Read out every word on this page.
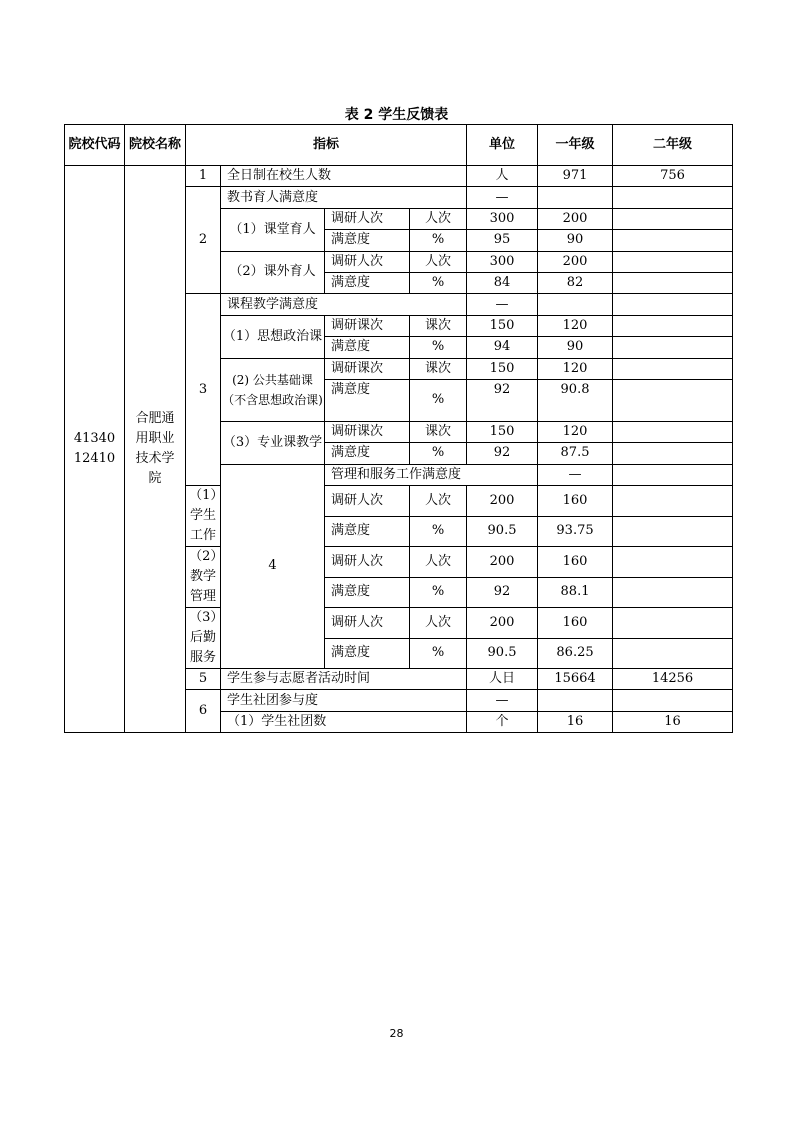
表 2 学生反馈表
院校代码	院校名称	指标				单位	一年级	二年级	
4134012410	合肥通用职业技术学院	1	全日制在校生人数			人	971	756	
		2	教书育人满意度			—			
			（1）课堂育人	调研人次	人次	300	200		
				满意度	%	95	90		
			（2）课外育人	调研人次	人次	300	200		
				满意度	%	84	82		
		3	课程教学满意度			—			
			（1）思想政治课	调研课次	课次	150	120		
				满意度	%	94	90		
			(2) 公共基础课（不含思想政治课)	调研课次	课次	150	120		
				满意度	%	92	90.8		
			（3）专业课教学	调研课次	课次	150	120		
				满意度	%	92	87.5		
			4	管理和服务工作满意度			—			
		（1）学生工作		调研人次	人次	200	160		
				满意度	%	90.5	93.75		
		（2）教学管理		调研人次	人次	200	160		
				满意度	%	92	88.1		
		（3）后勤服务		调研人次	人次	200	160		
				满意度	%	90.5	86.25		
		5	学生参与志愿者活动时间			人日	15664	14256	
		6	学生社团参与度			—			
			（1）学生社团数			个	16	16	
28
